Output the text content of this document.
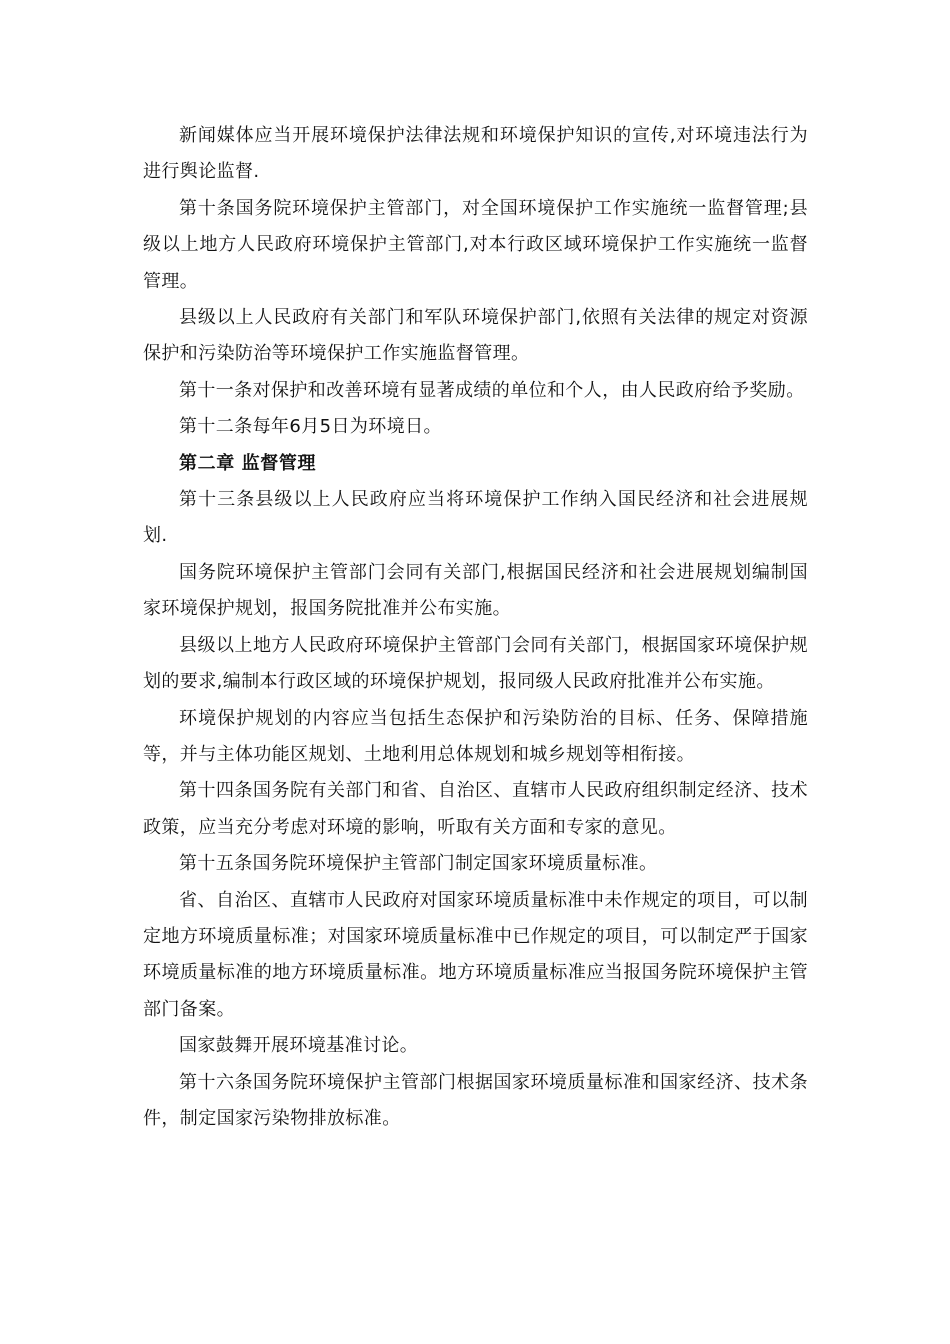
新闻媒体应当开展环境保护法律法规和环境保护知识的宣传,对环境违法行为进行舆论监督.

第十条国务院环境保护主管部门，对全国环境保护工作实施统一监督管理;县级以上地方人民政府环境保护主管部门,对本行政区域环境保护工作实施统一监督管理。

县级以上人民政府有关部门和军队环境保护部门,依照有关法律的规定对资源保护和污染防治等环境保护工作实施监督管理。

第十一条对保护和改善环境有显著成绩的单位和个人，由人民政府给予奖励。

第十二条每年6月5日为环境日。

第二章 监督管理

第十三条县级以上人民政府应当将环境保护工作纳入国民经济和社会进展规划.

国务院环境保护主管部门会同有关部门,根据国民经济和社会进展规划编制国家环境保护规划，报国务院批准并公布实施。

县级以上地方人民政府环境保护主管部门会同有关部门，根据国家环境保护规划的要求,编制本行政区域的环境保护规划，报同级人民政府批准并公布实施。

环境保护规划的内容应当包括生态保护和污染防治的目标、任务、保障措施等，并与主体功能区规划、土地利用总体规划和城乡规划等相衔接。

第十四条国务院有关部门和省、自治区、直辖市人民政府组织制定经济、技术政策，应当充分考虑对环境的影响，听取有关方面和专家的意见。

第十五条国务院环境保护主管部门制定国家环境质量标准。

省、自治区、直辖市人民政府对国家环境质量标准中未作规定的项目，可以制定地方环境质量标准；对国家环境质量标准中已作规定的项目，可以制定严于国家环境质量标准的地方环境质量标准。地方环境质量标准应当报国务院环境保护主管部门备案。

国家鼓舞开展环境基准讨论。

第十六条国务院环境保护主管部门根据国家环境质量标准和国家经济、技术条件，制定国家污染物排放标准。
